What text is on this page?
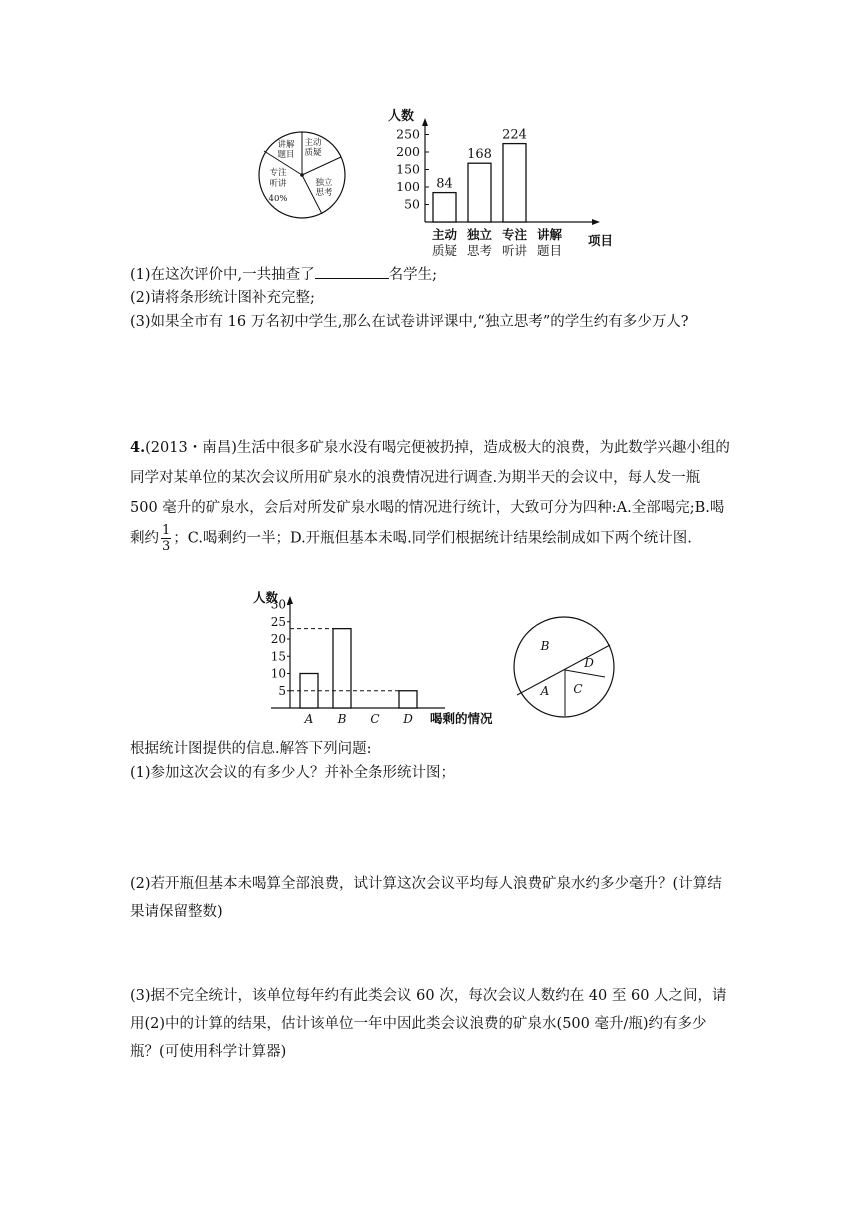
讲解
题目
主动
质疑
独立
思考
专注
听讲
40%
人数
250
200
150
100
50
84
主动
质疑
168
独立
思考
224
专注
听讲
讲解
题目
项目
(1)在这次评价中,一共抽查了	名学生;
(2)请将条形统计图补充完整;
(3)如果全市有 16 万名初中学生,那么在试卷讲评课中,“独立思考”的学生约有多少万人?
4.(2013・南昌)生活中很多矿泉水没有喝完便被扔掉，造成极大的浪费，为此数学兴趣小组的同学对某单位的某次会议所用矿泉水的浪费情况进行调查.为期半天的会议中，每人发一瓶 500 毫升的矿泉水，会后对所发矿泉水喝的情况进行统计，大致可分为四种:A.全部喝完;B.喝剩约 $\frac{1}{3}$ ；C.喝剩约一半；D.开瓶但基本未喝.同学们根据统计结果绘制成如下两个统计图.
人数
30
25
20
15
10
5
A B C D 喝剩的情况
B
D
A C
根据统计图提供的信息.解答下列问题:
(1)参加这次会议的有多少人？并补全条形统计图；
(2)若开瓶但基本未喝算全部浪费，试计算这次会议平均每人浪费矿泉水约多少毫升？(计算结果请保留整数)
(3)据不完全统计，该单位每年约有此类会议 60 次，每次会议人数约在 40 至 60 人之间，请用(2)中的计算的结果，估计该单位一年中因此类会议浪费的矿泉水(500 毫升/瓶)约有多少瓶？(可使用科学计算器)
